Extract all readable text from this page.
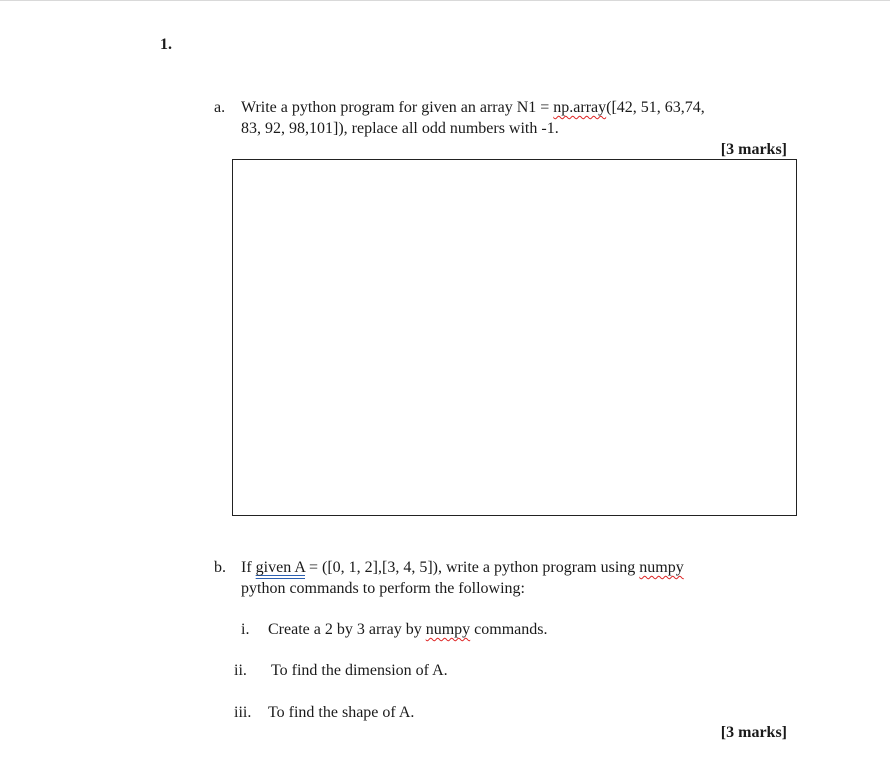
1.
a. Write a python program for given an array N1 = np.array([42, 51, 63,74,
83, 92, 98,101]), replace all odd numbers with -1.
[3 marks]
b. If given A = ([0, 1, 2],[3, 4, 5]), write a python program using numpy
python commands to perform the following:
i. Create a 2 by 3 array by numpy commands.
ii. To find the dimension of A.
iii. To find the shape of A.
[3 marks]
